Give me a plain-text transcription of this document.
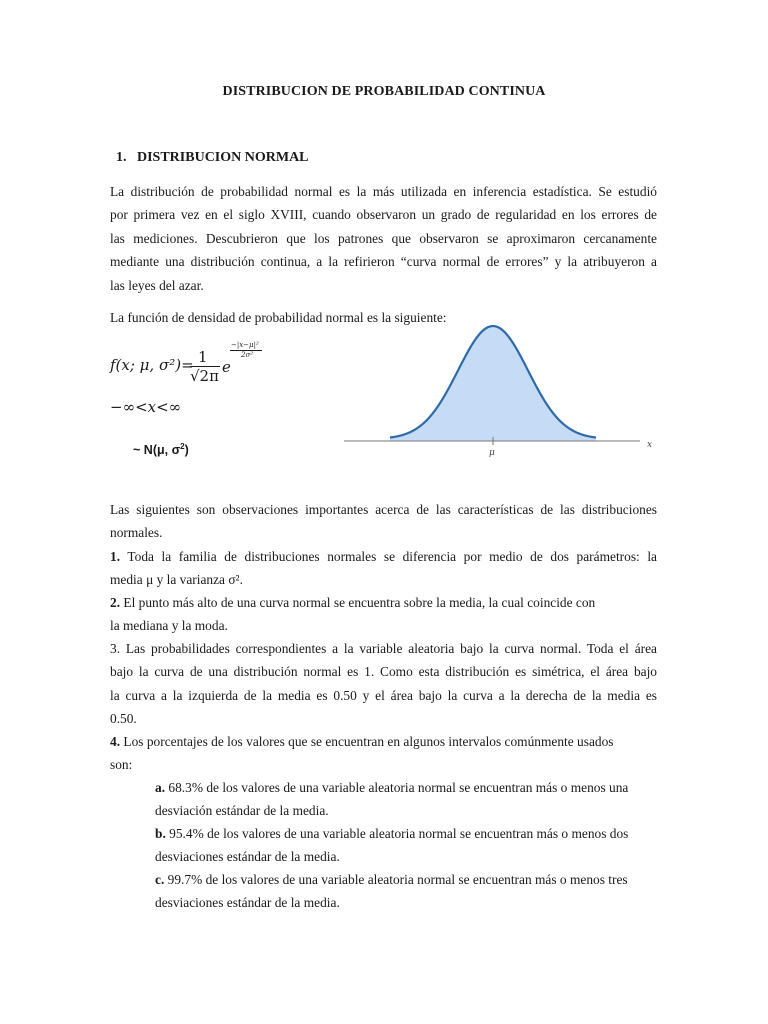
DISTRIBUCION DE PROBABILIDAD CONTINUA
1. DISTRIBUCION NORMAL
La distribución de probabilidad normal es la más utilizada en inferencia estadística. Se estudió
por primera vez en el siglo XVIII, cuando observaron un grado de regularidad en los errores de
las mediciones. Descubrieron que los patrones que observaron se aproximaron cercanamente
mediante una distribución continua, a la refirieron “curva normal de errores” y la atribuyeron a
las leyes del azar.
La función de densidad de probabilidad normal es la siguiente:
f(x; μ, σ²)= 1
√2π e
−|x−μ|²
2σ²
−∞<x<∞
~ N(μ, $\sigma^2$)	μ
x
Las siguientes son observaciones importantes acerca de las características de las distribuciones
normales.
1. Toda la familia de distribuciones normales se diferencia por medio de dos parámetros: la
media μ y la varianza σ².
2. El punto más alto de una curva normal se encuentra sobre la media, la cual coincide con
la mediana y la moda.
3. Las probabilidades correspondientes a la variable aleatoria bajo la curva normal. Toda el área
bajo la curva de una distribución normal es 1. Como esta distribución es simétrica, el área bajo
la curva a la izquierda de la media es 0.50 y el área bajo la curva a la derecha de la media es
0.50.
4. Los porcentajes de los valores que se encuentran en algunos intervalos comúnmente usados
son:
a. 68.3% de los valores de una variable aleatoria normal se encuentran más o menos una
desviación estándar de la media.
b. 95.4% de los valores de una variable aleatoria normal se encuentran más o menos dos
desviaciones estándar de la media.
c. 99.7% de los valores de una variable aleatoria normal se encuentran más o menos tres
desviaciones estándar de la media.
